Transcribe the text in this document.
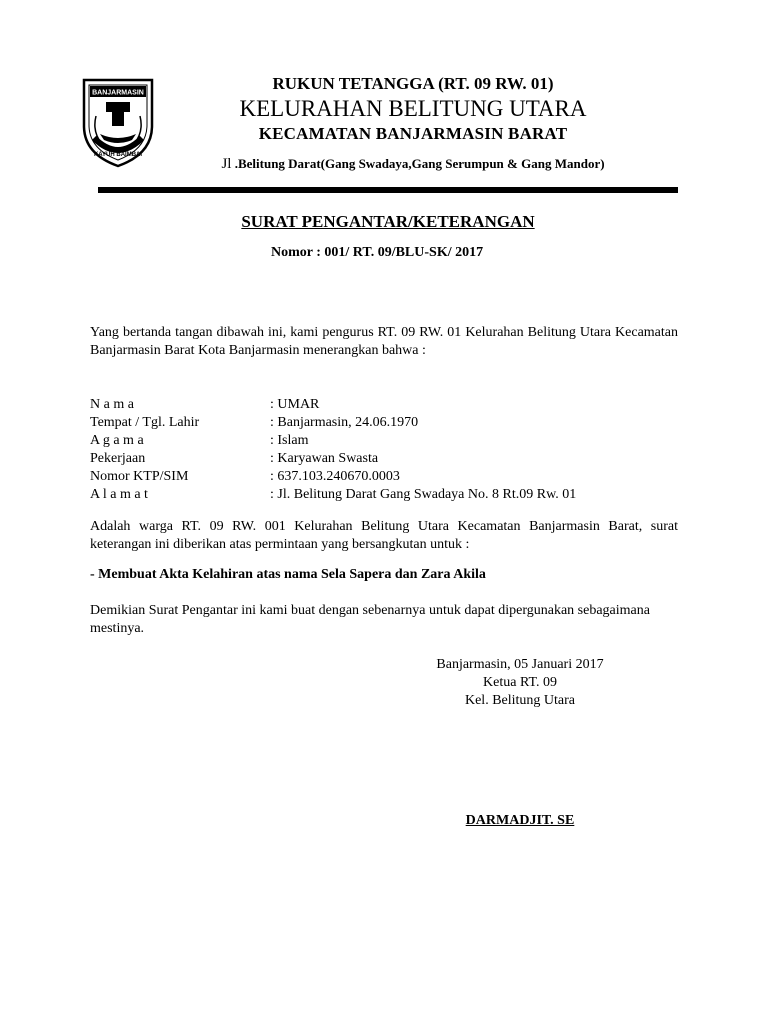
BANJARMASIN
KAYUH BAIMBAI
RUKUN TETANGGA (RT. 09 RW. 01)
KELURAHAN BELITUNG UTARA
KECAMATAN BANJARMASIN BARAT
Jl .Belitung Darat(Gang Swadaya,Gang Serumpun & Gang Mandor)
SURAT PENGANTAR/KETERANGAN
Nomor : 001/ RT. 09/BLU-SK/ 2017
Yang bertanda tangan dibawah ini, kami pengurus RT. 09 RW. 01 Kelurahan Belitung Utara Kecamatan Banjarmasin Barat Kota Banjarmasin menerangkan bahwa :
N a m a	: UMAR
Tempat / Tgl. Lahir	: Banjarmasin, 24.06.1970
A g a m a	: Islam
Pekerjaan	: Karyawan Swasta
Nomor KTP/SIM	: 637.103.240670.0003
A l a m a t	: Jl. Belitung Darat Gang Swadaya No. 8 Rt.09 Rw. 01
Adalah warga RT. 09 RW. 001 Kelurahan Belitung Utara Kecamatan Banjarmasin Barat, surat keterangan ini diberikan atas permintaan yang bersangkutan untuk :
- Membuat Akta Kelahiran atas nama Sela Sapera dan Zara Akila
Demikian Surat Pengantar ini kami buat dengan sebenarnya untuk dapat dipergunakan sebagaimana mestinya.
Banjarmasin, 05 Januari 2017
Ketua RT. 09
Kel. Belitung Utara
DARMADJIT. SE
